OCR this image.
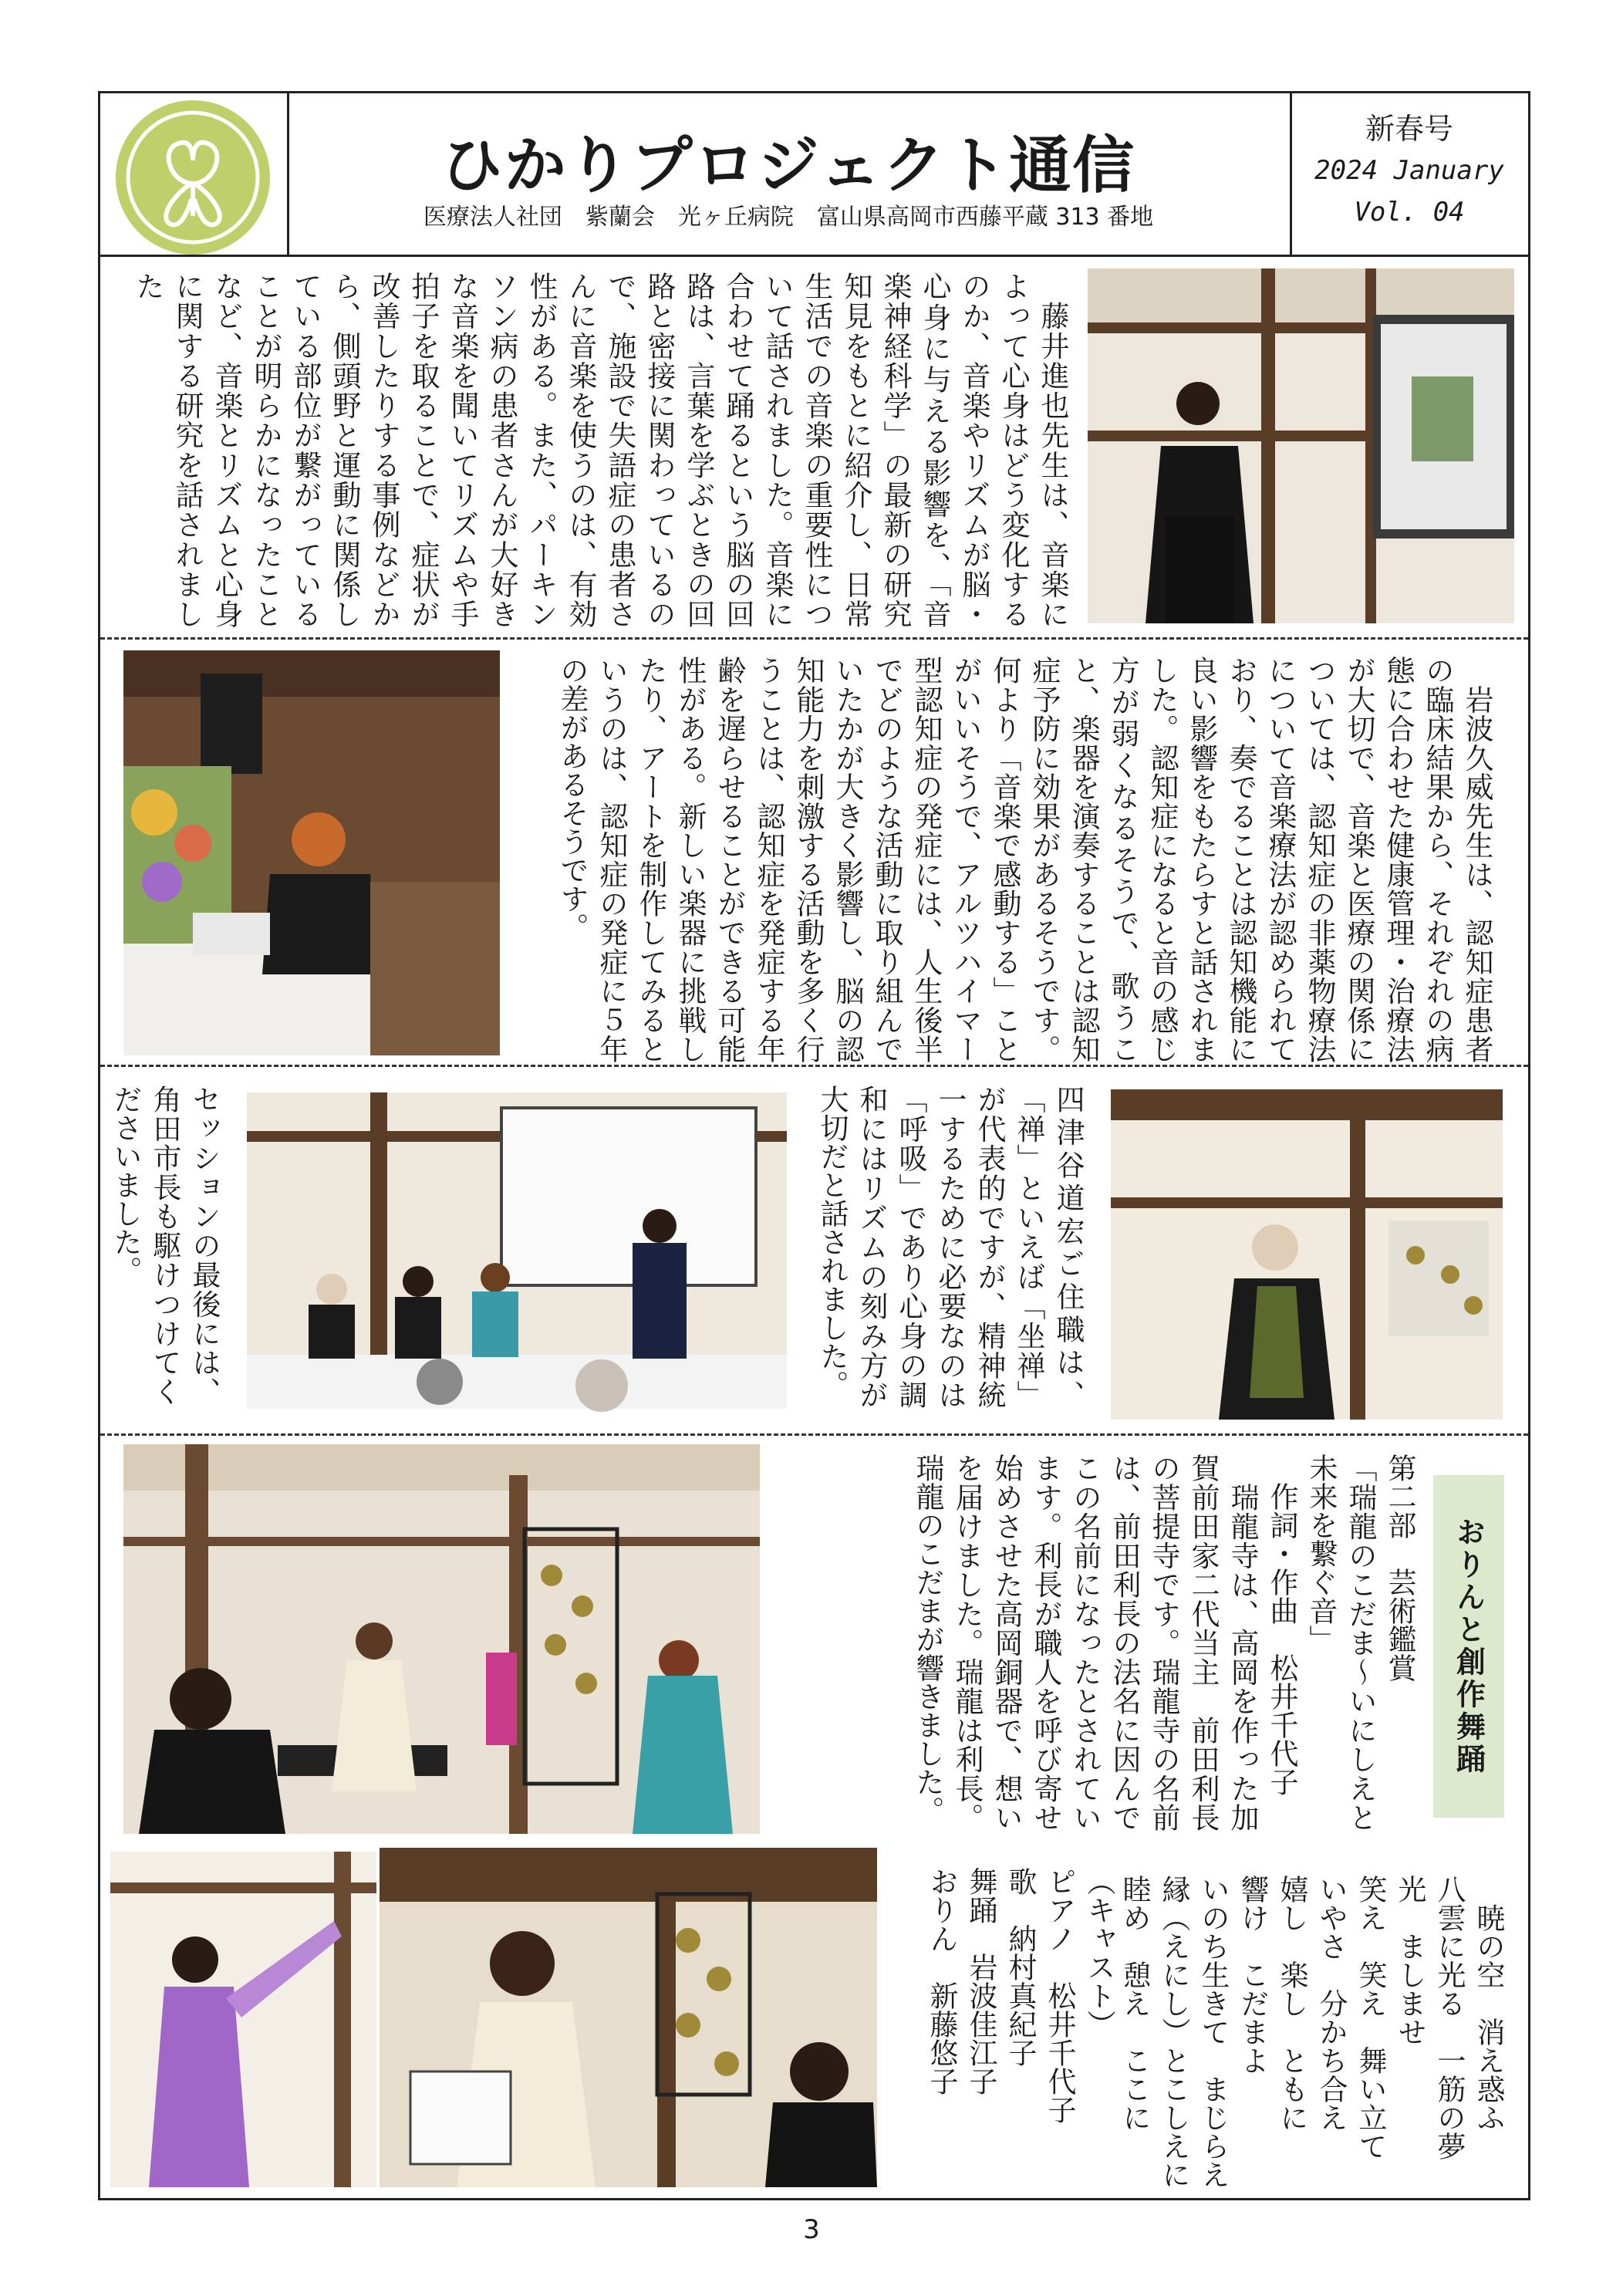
ひかりプロジェクト通信
医療法人社団　紫蘭会　光ヶ丘病院　富山県高岡市西藤平蔵 313 番地
新春号
2024 January
Vol. 04
　藤井進也先生は、音楽によって心身はどう変化するのか、音楽やリズムが脳・心身に与える影響を、「音楽神経科学」の最新の研究知見をもとに紹介し、日常生活での音楽の重要性について話されました。音楽に合わせて踊るという脳の回路は、言葉を学ぶときの回路と密接に関わっているので、施設で失語症の患者さんに音楽を使うのは、有効性がある。また、パーキンソン病の患者さんが大好きな音楽を聞いてリズムや手拍子を取ることで、症状が改善したりする事例などから、側頭野と運動に関係している部位が繋がっていることが明らかになったことなど、音楽とリズムと心身に関する研究を話されました
　岩波久威先生は、認知症患者の臨床結果から、それぞれの病態に合わせた健康管理・治療法が大切で、音楽と医療の関係については、認知症の非薬物療法について音楽療法が認められており、奏でることは認知機能に良い影響をもたらすと話されました。認知症になると音の感じ方が弱くなるそうで、歌うこと、楽器を演奏することは認知症予防に効果があるそうです。何より「音楽で感動する」ことがいいそうで、アルツハイマー型認知症の発症には、人生後半でどのような活動に取り組んでいたかが大きく影響し、脳の認知能力を刺激する活動を多く行うことは、認知症を発症する年齢を遅らせることができる可能性がある。新しい楽器に挑戦したり、アートを制作してみるというのは、認知症の発症に５年の差があるそうです。
セッションの最後には、角田市長も駆けつけてくださいました。	四津谷道宏ご住職は、「禅」といえば「坐禅」が代表的ですが、精神統一するために必要なのは「呼吸」であり心身の調和にはリズムの刻み方が大切だと話されました。
第二部　芸術鑑賞
「瑞龍のこだま～いにしえと未来を繋ぐ音」
　作詞・作曲　松井千代子
　瑞龍寺は、高岡を作った加賀前田家二代当主　前田利長の菩提寺です。瑞龍寺の名前は、前田利長の法名に因んでこの名前になったとされています。利長が職人を呼び寄せ始めさせた高岡銅器で、想いを届けました。瑞龍は利長。瑞龍のこだまが響きました。	おりんと創作舞踊
　暁の空　消え惑ふ
八雲に光る　一筋の夢
光　ましませ
笑え　笑え　舞い立て
いやさ　分かち合え
嬉し　楽し　ともに
響け　こだまよ
いのち生きて　まじらえ
縁（えにし）とこしえに
睦め　憩え　ここに
（キャスト）
ピアノ　松井千代子
歌　納村真紀子
舞踊　岩波佳江子
おりん　新藤悠子
3
